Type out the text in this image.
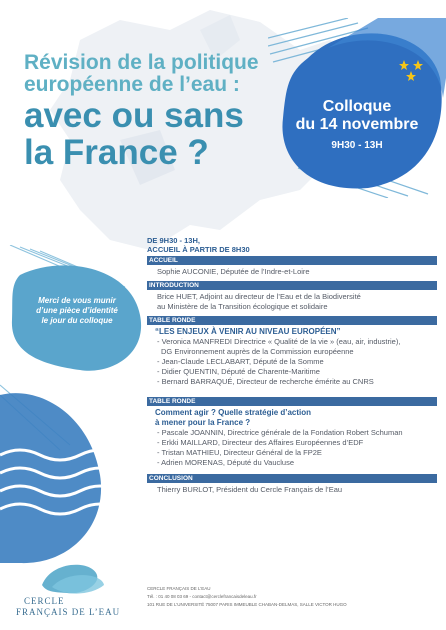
Colloque
du 14 novembre
9H30 - 13H
Révision de la politique
européenne de l’eau :
avec ou sans
la France ?
Merci de vous munir
d’une pièce d’identité
le jour du colloque
DE 9H30 - 13H,
ACCUEIL À PARTIR DE 8H30
ACCUEIL
Sophie AUCONIE, Députée de l’Indre-et-Loire
INTRODUCTION
Brice HUET, Adjoint au directeur de l’Eau et de la Biodiversité
au Ministère de la Transition écologique et solidaire
TABLE RONDE
“LES ENJEUX À VENIR AU NIVEAU EUROPÉEN”
- Veronica MANFREDI Directrice « Qualité de la vie » (eau, air, industrie),
DG Environnement auprès de la Commission européenne
- Jean-Claude LECLABART, Député de la Somme
- Didier QUENTIN, Député de Charente-Maritime
- Bernard BARRAQUÉ, Directeur de recherche émérite au CNRS
TABLE RONDE
Comment agir ? Quelle stratégie d’action
à mener pour la France ?
- Pascale JOANNIN, Directrice générale de la Fondation Robert Schuman
- Erkki MAILLARD, Directeur des Affaires Européennes d’EDF
- Tristan MATHIEU, Directeur Général de la FP2E
- Adrien MORENAS, Député du Vaucluse
CONCLUSION
Thierry BURLOT, Président du Cercle Français de l’Eau
CERCLE
FRANÇAIS DE L’EAU
CERCLE FRANÇAIS DE L’EAU
Tél. : 01 40 08 03 69 - contact@cerclefrancaisdeleau.fr
101 RUE DE L’UNIVERSITÉ 75007 PARIS IMMEUBLE CHABAN-DELMAS, SALLE VICTOR HUGO
